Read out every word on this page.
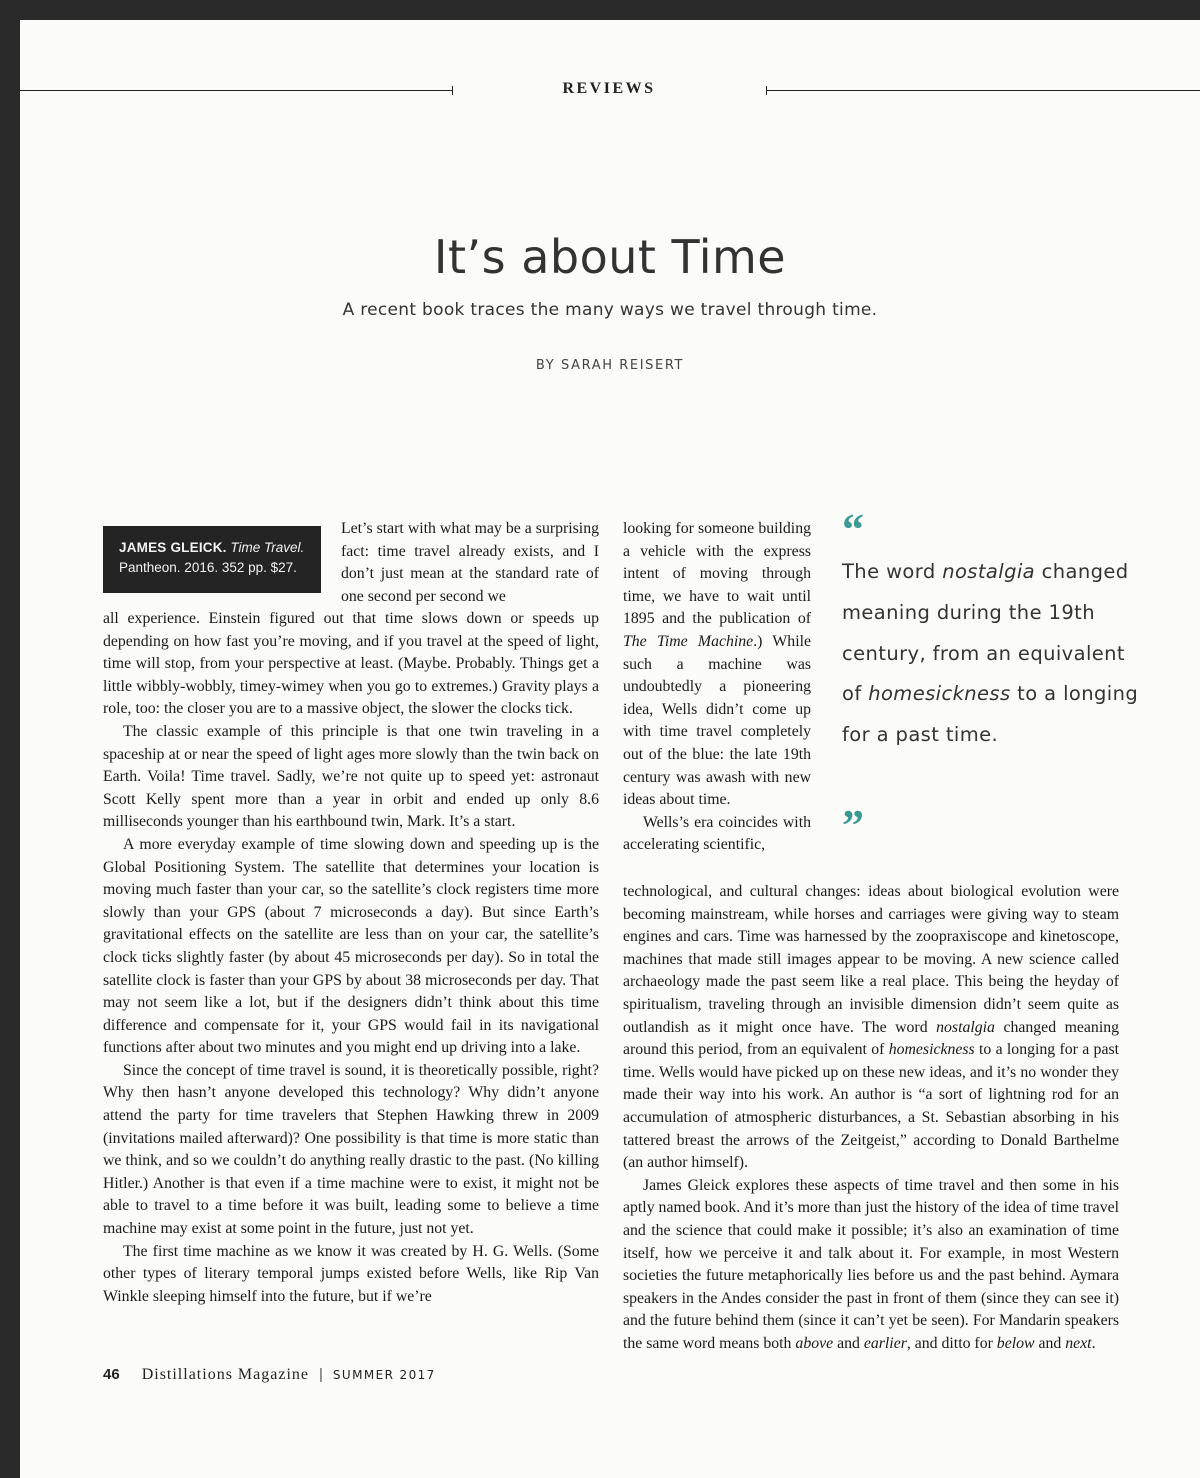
REVIEWS
It’s about Time
A recent book traces the many ways we travel through time.
BY SARAH REISERT
JAMES GLEICK. Time Travel.
Pantheon. 2016. 352 pp. $27.

Let’s start with what may be a surprising fact: time travel already exists, and I don’t just mean at the standard rate of one second per second we

all experience. Einstein figured out that time slows down or speeds up depending on how fast you’re moving, and if you travel at the speed of light, time will stop, from your perspective at least. (Maybe. Probably. Things get a little wibbly-wobbly, timey-wimey when you go to extremes.) Gravity plays a role, too: the closer you are to a massive object, the slower the clocks tick.

The classic example of this principle is that one twin traveling in a spaceship at or near the speed of light ages more slowly than the twin back on Earth. Voila! Time travel. Sadly, we’re not quite up to speed yet: astronaut Scott Kelly spent more than a year in orbit and ended up only 8.6 milliseconds younger than his earthbound twin, Mark. It’s a start.

A more everyday example of time slowing down and speeding up is the Global Positioning System. The satellite that determines your location is moving much faster than your car, so the satellite’s clock registers time more slowly than your GPS (about 7 microseconds a day). But since Earth’s gravitational effects on the satellite are less than on your car, the satellite’s clock ticks slightly faster (by about 45 microseconds per day). So in total the satellite clock is faster than your GPS by about 38 microseconds per day. That may not seem like a lot, but if the designers didn’t think about this time difference and compensate for it, your GPS would fail in its navigational functions after about two minutes and you might end up driving into a lake.

Since the concept of time travel is sound, it is theoretically possible, right? Why then hasn’t anyone developed this technology? Why didn’t anyone attend the party for time travelers that Stephen Hawking threw in 2009 (invitations mailed afterward)? One possibility is that time is more static than we think, and so we couldn’t do anything really drastic to the past. (No killing Hitler.) Another is that even if a time machine were to exist, it might not be able to travel to a time before it was built, leading some to believe a time machine may exist at some point in the future, just not yet.

The first time machine as we know it was created by H. G. Wells. (Some other types of literary temporal jumps existed before Wells, like Rip Van Winkle sleeping himself into the future, but if we’re

looking for someone building a vehicle with the express intent of moving through time, we have to wait until 1895 and the publication of The Time Machine.) While such a machine was undoubtedly a pioneering idea, Wells didn’t come up with time travel completely out of the blue: the late 19th century was awash with new ideas about time.

Wells’s era coincides with accelerating scientific,

technological, and cultural changes: ideas about biological evolution were becoming mainstream, while horses and carriages were giving way to steam engines and cars. Time was harnessed by the zoopraxiscope and kinetoscope, machines that made still images appear to be moving. A new science called archaeology made the past seem like a real place. This being the heyday of spiritualism, traveling through an invisible dimension didn’t seem quite as outlandish as it might once have. The word nostalgia changed meaning around this period, from an equivalent of homesickness to a longing for a past time. Wells would have picked up on these new ideas, and it’s no wonder they made their way into his work. An author is “a sort of lightning rod for an accumulation of atmospheric disturbances, a St. Sebastian absorbing in his tattered breast the arrows of the Zeitgeist,” according to Donald Barthelme (an author himself).

James Gleick explores these aspects of time travel and then some in his aptly named book. And it’s more than just the history of the idea of time travel and the science that could make it possible; it’s also an examination of time itself, how we perceive it and talk about it. For example, in most Western societies the future metaphorically lies before us and the past behind. Aymara speakers in the Andes consider the past in front of them (since they can see it) and the future behind them (since it can’t yet be seen). For Mandarin speakers the same word means both above and earlier, and ditto for below and next.

“
The word nostalgia changed meaning during the 19th century, from an equivalent of homesickness to a longing for a past time.
”
46 Distillations Magazine | SUMMER 2017
